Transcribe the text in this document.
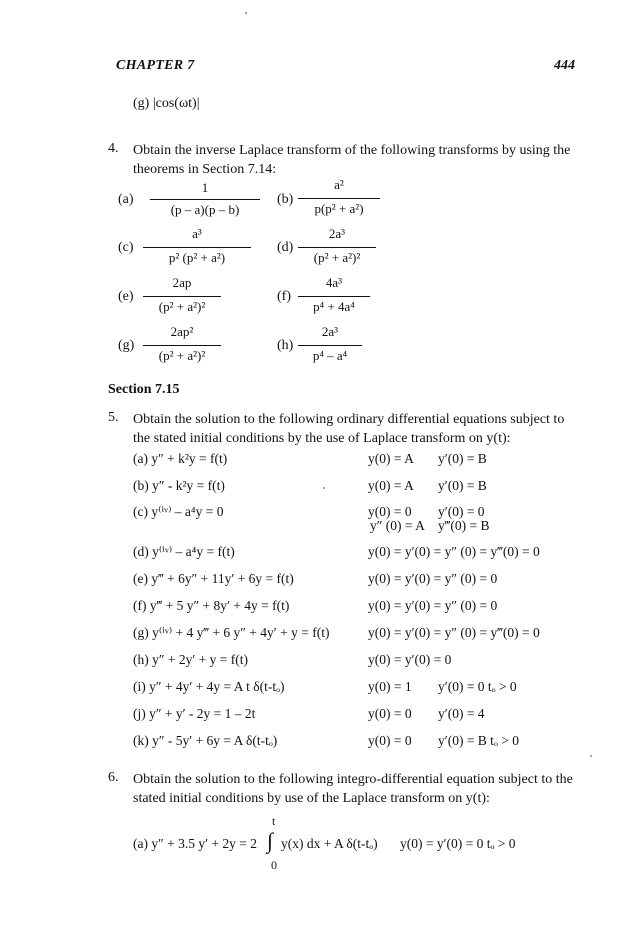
CHAPTER 7	444
(g) |cos(ωt)|
4. Obtain the inverse Laplace transform of the following transforms by using the theorems in Section 7.14:
(a)
1
(p – a)(p – b)
(b)
a²
p(p² + a²)
(c)
a³
p² (p² + a²)
(d)
2a³
(p² + a²)²
(e)
2ap
(p² + a²)²
(f)
4a³
p⁴ + 4a⁴
(g)
2ap²
(p² + a²)²
(h)
2a³
p⁴ – a⁴
Section 7.15
5. Obtain the solution to the following ordinary differential equations subject to the stated initial conditions by the use of Laplace transform on y(t):
(a) y″ + k²y = f(t)	y(0) = A y′(0) = B
(b) y″ - k²y = f(t)	y(0) = A y′(0) = B
(c) y⁽ⁱᵛ⁾ – a⁴y = 0	y(0) = 0 y′(0) = 0
y″ (0) = A y‴(0) = B
(d) y⁽ⁱᵛ⁾ – a⁴y = f(t)	y(0) = y′(0) = y″ (0) = y‴(0) = 0
(e) y‴ + 6y″ + 11y′ + 6y = f(t)	y(0) = y′(0) = y″ (0) = 0
(f) y‴ + 5 y″ + 8y′ + 4y = f(t)	y(0) = y′(0) = y″ (0) = 0
(g) y⁽ⁱᵛ⁾ + 4 y‴ + 6 y″ + 4y′ + y = f(t)	y(0) = y′(0) = y″ (0) = y‴(0) = 0
(h) y″ + 2y′ + y = f(t)	y(0) = y′(0) = 0
(i) y″ + 4y′ + 4y = A t δ(t-tₒ)	y(0) = 1 y′(0) = 0 tₒ > 0
(j) y″ + y′ - 2y = 1 – 2t	y(0) = 0 y′(0) = 4
(k) y″ - 5y′ + 6y = A δ(t-tₒ)	y(0) = 0 y′(0) = B tₒ > 0
6. Obtain the solution to the following integro-differential equation subject to the stated initial conditions by use of the Laplace transform on y(t):
t
(a) y″ + 3.5 y′ + 2y = 2 ∫ y(x) dx + A δ(t-tₒ) y(0) = y′(0) = 0 tₒ > 0
0
